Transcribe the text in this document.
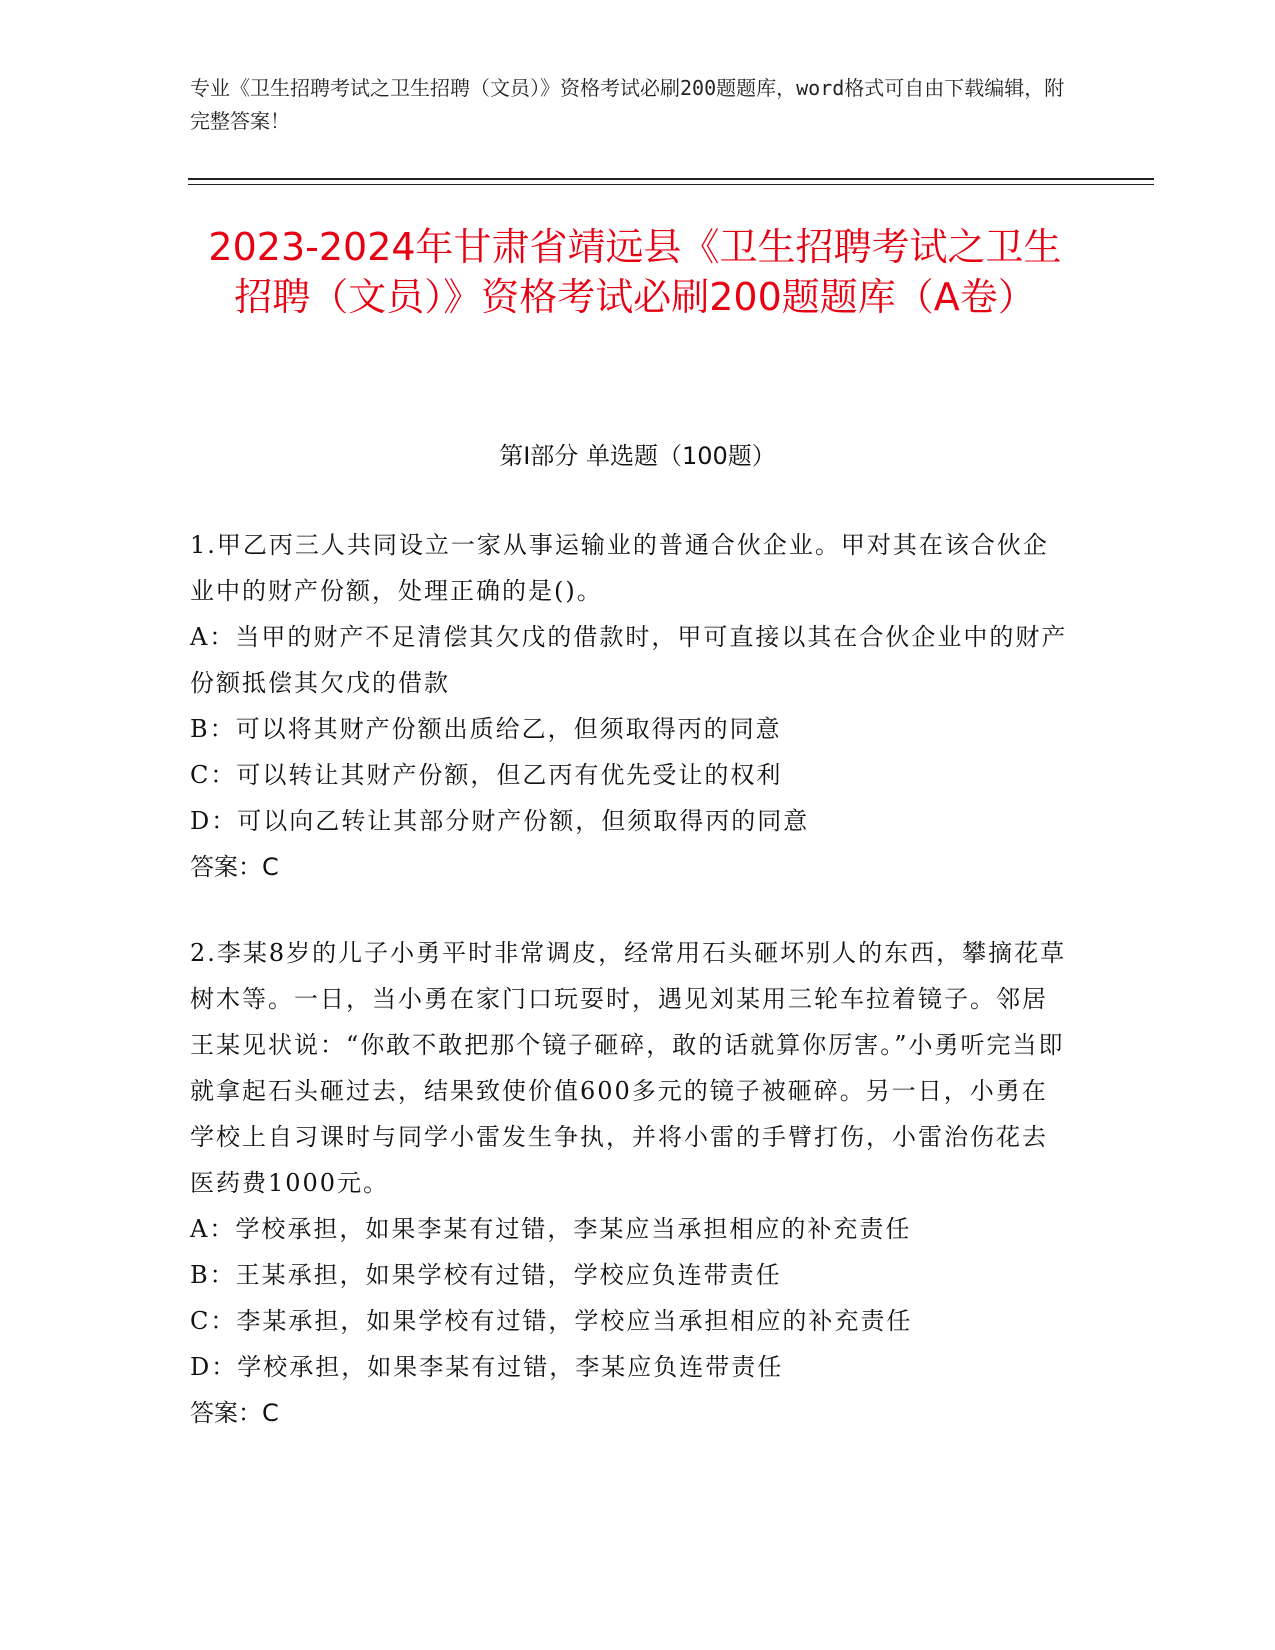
专业《卫生招聘考试之卫生招聘（文员）》资格考试必刷200题题库，word格式可自由下载编辑，附完整答案！
2023-2024年甘肃省靖远县《卫生招聘考试之卫生招聘（文员）》资格考试必刷200题题库（A卷）
第Ⅰ部分 单选题（100题）
1.甲乙丙三人共同设立一家从事运输业的普通合伙企业。甲对其在该合伙企业中的财产份额，处理正确的是()。
A：当甲的财产不足清偿其欠戊的借款时，甲可直接以其在合伙企业中的财产份额抵偿其欠戊的借款
B：可以将其财产份额出质给乙，但须取得丙的同意
C：可以转让其财产份额，但乙丙有优先受让的权利
D：可以向乙转让其部分财产份额，但须取得丙的同意
答案：C
2.李某8岁的儿子小勇平时非常调皮，经常用石头砸坏别人的东西，攀摘花草树木等。一日，当小勇在家门口玩耍时，遇见刘某用三轮车拉着镜子。邻居王某见状说：“你敢不敢把那个镜子砸碎，敢的话就算你厉害。”小勇听完当即就拿起石头砸过去，结果致使价值600多元的镜子被砸碎。另一日，小勇在学校上自习课时与同学小雷发生争执，并将小雷的手臂打伤，小雷治伤花去医药费1000元。
A：学校承担，如果李某有过错，李某应当承担相应的补充责任
B：王某承担，如果学校有过错，学校应负连带责任
C：李某承担，如果学校有过错，学校应当承担相应的补充责任
D：学校承担，如果李某有过错，李某应负连带责任
答案：C
